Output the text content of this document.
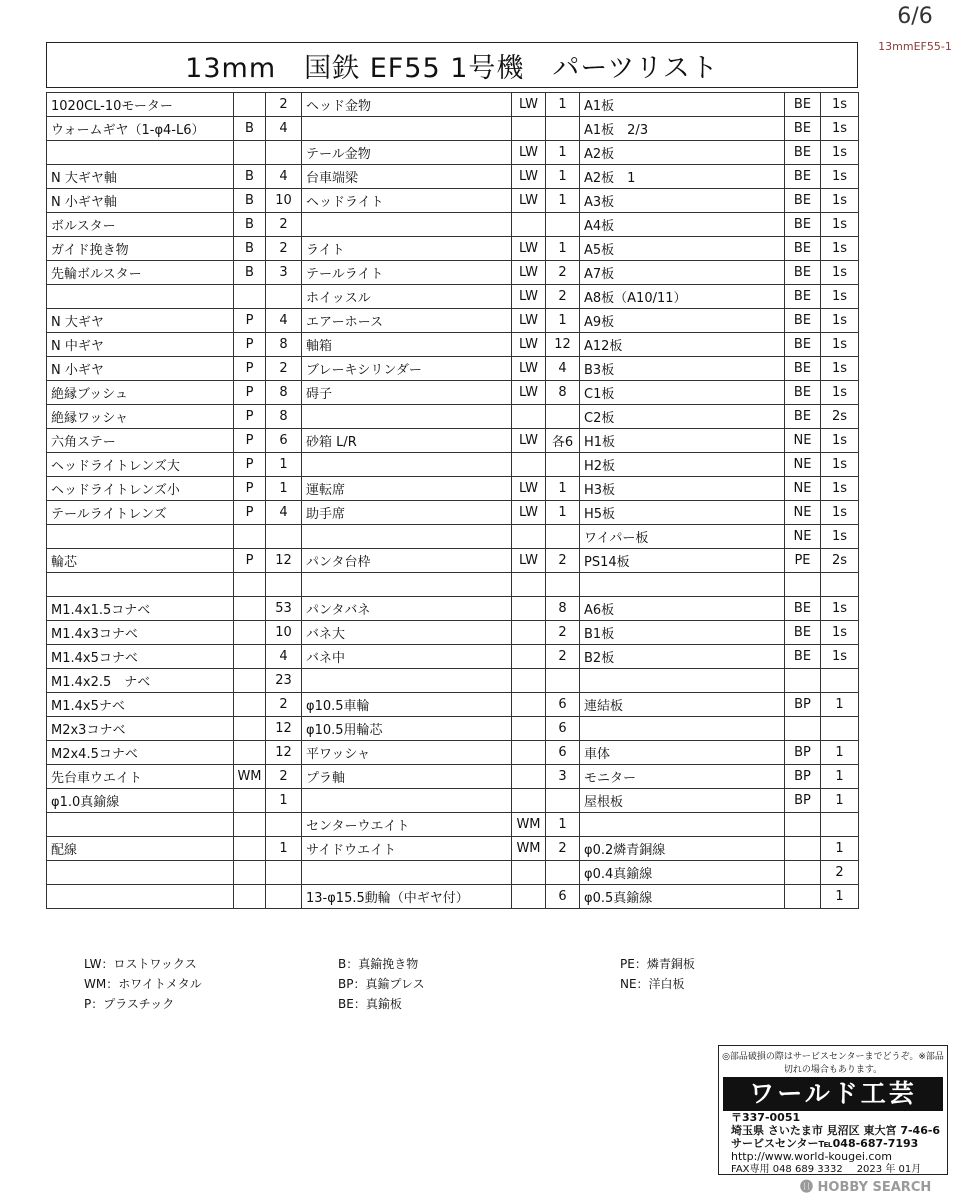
6/6
13mmEF55-1
13mm　国鉄 EF55 1号機　パーツリスト
1020CL-10モーター		2	ヘッド金物	LW	1	A1板	BE	1s
ウォームギヤ（1-φ4-L6）	B	4				A1板　2/3	BE	1s
			テール金物	LW	1	A2板	BE	1s
N 大ギヤ軸	B	4	台車端梁	LW	1	A2板　1	BE	1s
N 小ギヤ軸	B	10	ヘッドライト	LW	1	A3板	BE	1s
ボルスター	B	2				A4板	BE	1s
ガイド挽き物	B	2	ライト	LW	1	A5板	BE	1s
先輪ボルスター	B	3	テールライト	LW	2	A7板	BE	1s
			ホイッスル	LW	2	A8板（A10/11）	BE	1s
N 大ギヤ	P	4	エアーホース	LW	1	A9板	BE	1s
N 中ギヤ	P	8	軸箱	LW	12	A12板	BE	1s
N 小ギヤ	P	2	ブレーキシリンダー	LW	4	B3板	BE	1s
絶縁ブッシュ	P	8	碍子	LW	8	C1板	BE	1s
絶縁ワッシャ	P	8				C2板	BE	2s
六角ステー	P	6	砂箱 L/R	LW	各6	H1板	NE	1s
ヘッドライトレンズ大	P	1				H2板	NE	1s
ヘッドライトレンズ小	P	1	運転席	LW	1	H3板	NE	1s
テールライトレンズ	P	4	助手席	LW	1	H5板	NE	1s
						ワイパー板	NE	1s
輪芯	P	12	パンタ台枠	LW	2	PS14板	PE	2s

M1.4x1.5コナベ		53	パンタバネ		8	A6板	BE	1s
M1.4x3コナベ		10	バネ大		2	B1板	BE	1s
M1.4x5コナベ		4	バネ中		2	B2板	BE	1s
M1.4x2.5　ナベ		23						
M1.4x5ナベ		2	φ10.5車輪		6	連結板	BP	1
M2x3コナベ		12	φ10.5用輪芯		6			
M2x4.5コナベ		12	平ワッシャ		6	車体	BP	1
先台車ウエイト	WM	2	プラ軸		3	モニター	BP	1
φ1.0真鍮線		1				屋根板	BP	1
			センターウエイト	WM	1			
配線		1	サイドウエイト	WM	2	φ0.2燐青銅線		1
						φ0.4真鍮線		2
			13-φ15.5動輪（中ギヤ付）		6	φ0.5真鍮線		1
LW：ロストワックス
WM：ホワイトメタル
P：プラスチック
B：真鍮挽き物
BP：真鍮プレス
BE：真鍮板
PE：燐青銅板
NE：洋白板
◎部品破損の際はサービスセンターまでどうぞ。※部品切れの場合もあります。
ワールド工芸
〒337-0051
埼玉県 さいたま市 見沼区 東大宮 7-46-6
サービスセンター℡048-687-7193
http://www.world-kougei.com
FAX専用 048 689 3332 2023 年 01月
🅗 HOBBY SEARCH
